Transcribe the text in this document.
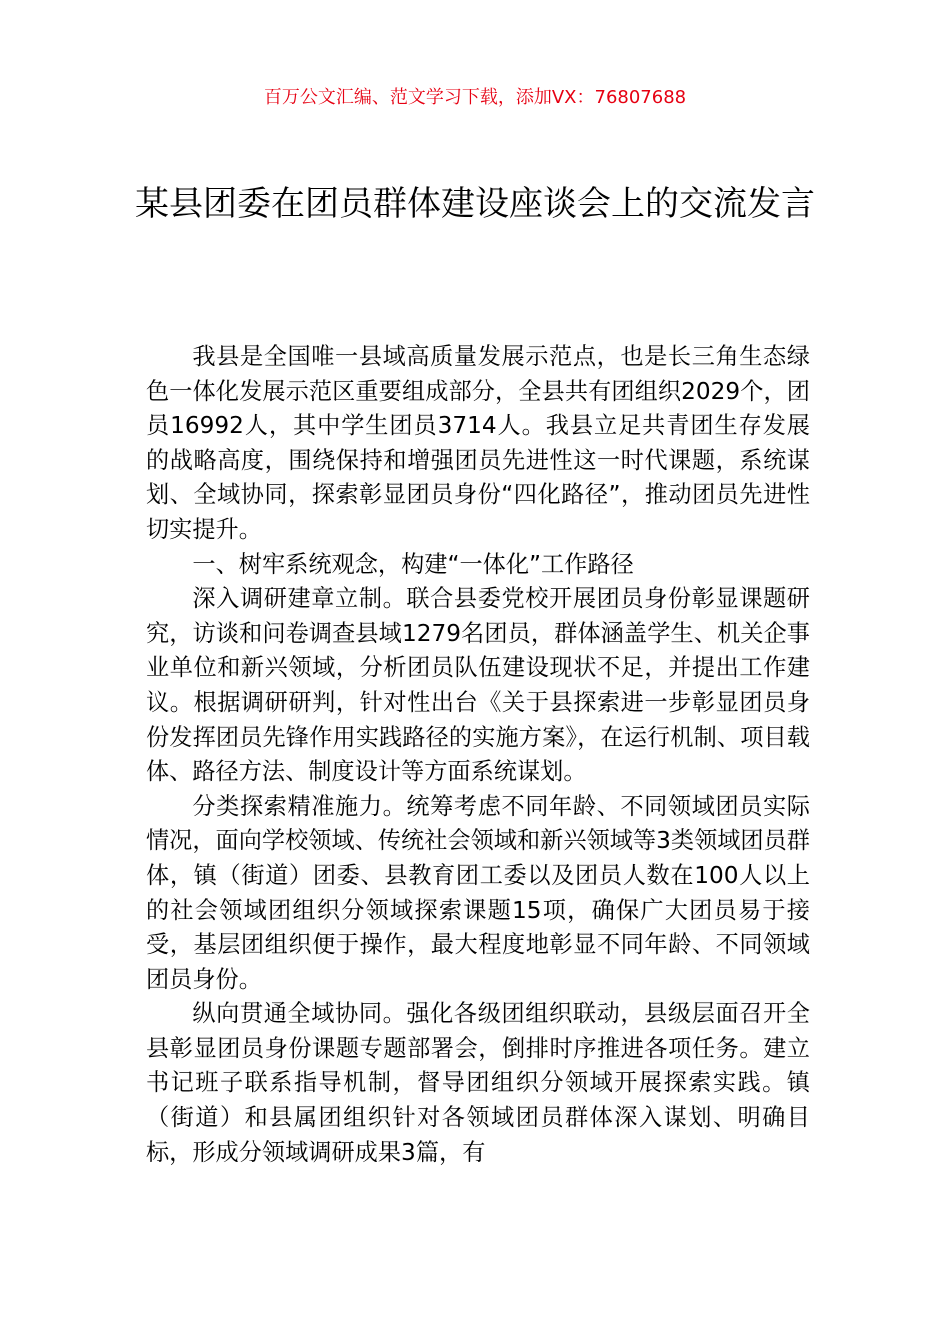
百万公文汇编、范文学习下载，添加VX：76807688
某县团委在团员群体建设座谈会上的交流发言

我县是全国唯一县域高质量发展示范点，也是长三角生态绿色一体化发展示范区重要组成部分，全县共有团组织2029个，团员16992人，其中学生团员3714人。我县立足共青团生存发展的战略高度，围绕保持和增强团员先进性这一时代课题，系统谋划、全域协同，探索彰显团员身份“四化路径”，推动团员先进性切实提升。

一、树牢系统观念，构建“一体化”工作路径

深入调研建章立制。联合县委党校开展团员身份彰显课题研究，访谈和问卷调查县域1279名团员，群体涵盖学生、机关企事业单位和新兴领域，分析团员队伍建设现状不足，并提出工作建议。根据调研研判，针对性出台《关于县探索进一步彰显团员身份发挥团员先锋作用实践路径的实施方案》，在运行机制、项目载体、路径方法、制度设计等方面系统谋划。

分类探索精准施力。统筹考虑不同年龄、不同领域团员实际情况，面向学校领域、传统社会领域和新兴领域等3类领域团员群体，镇（街道）团委、县教育团工委以及团员人数在100人以上的社会领域团组织分领域探索课题15项，确保广大团员易于接受，基层团组织便于操作，最大程度地彰显不同年龄、不同领域团员身份。

纵向贯通全域协同。强化各级团组织联动，县级层面召开全县彰显团员身份课题专题部署会，倒排时序推进各项任务。建立书记班子联系指导机制，督导团组织分领域开展探索实践。镇（街道）和县属团组织针对各领域团员群体深入谋划、明确目标，形成分领域调研成果3篇，有
